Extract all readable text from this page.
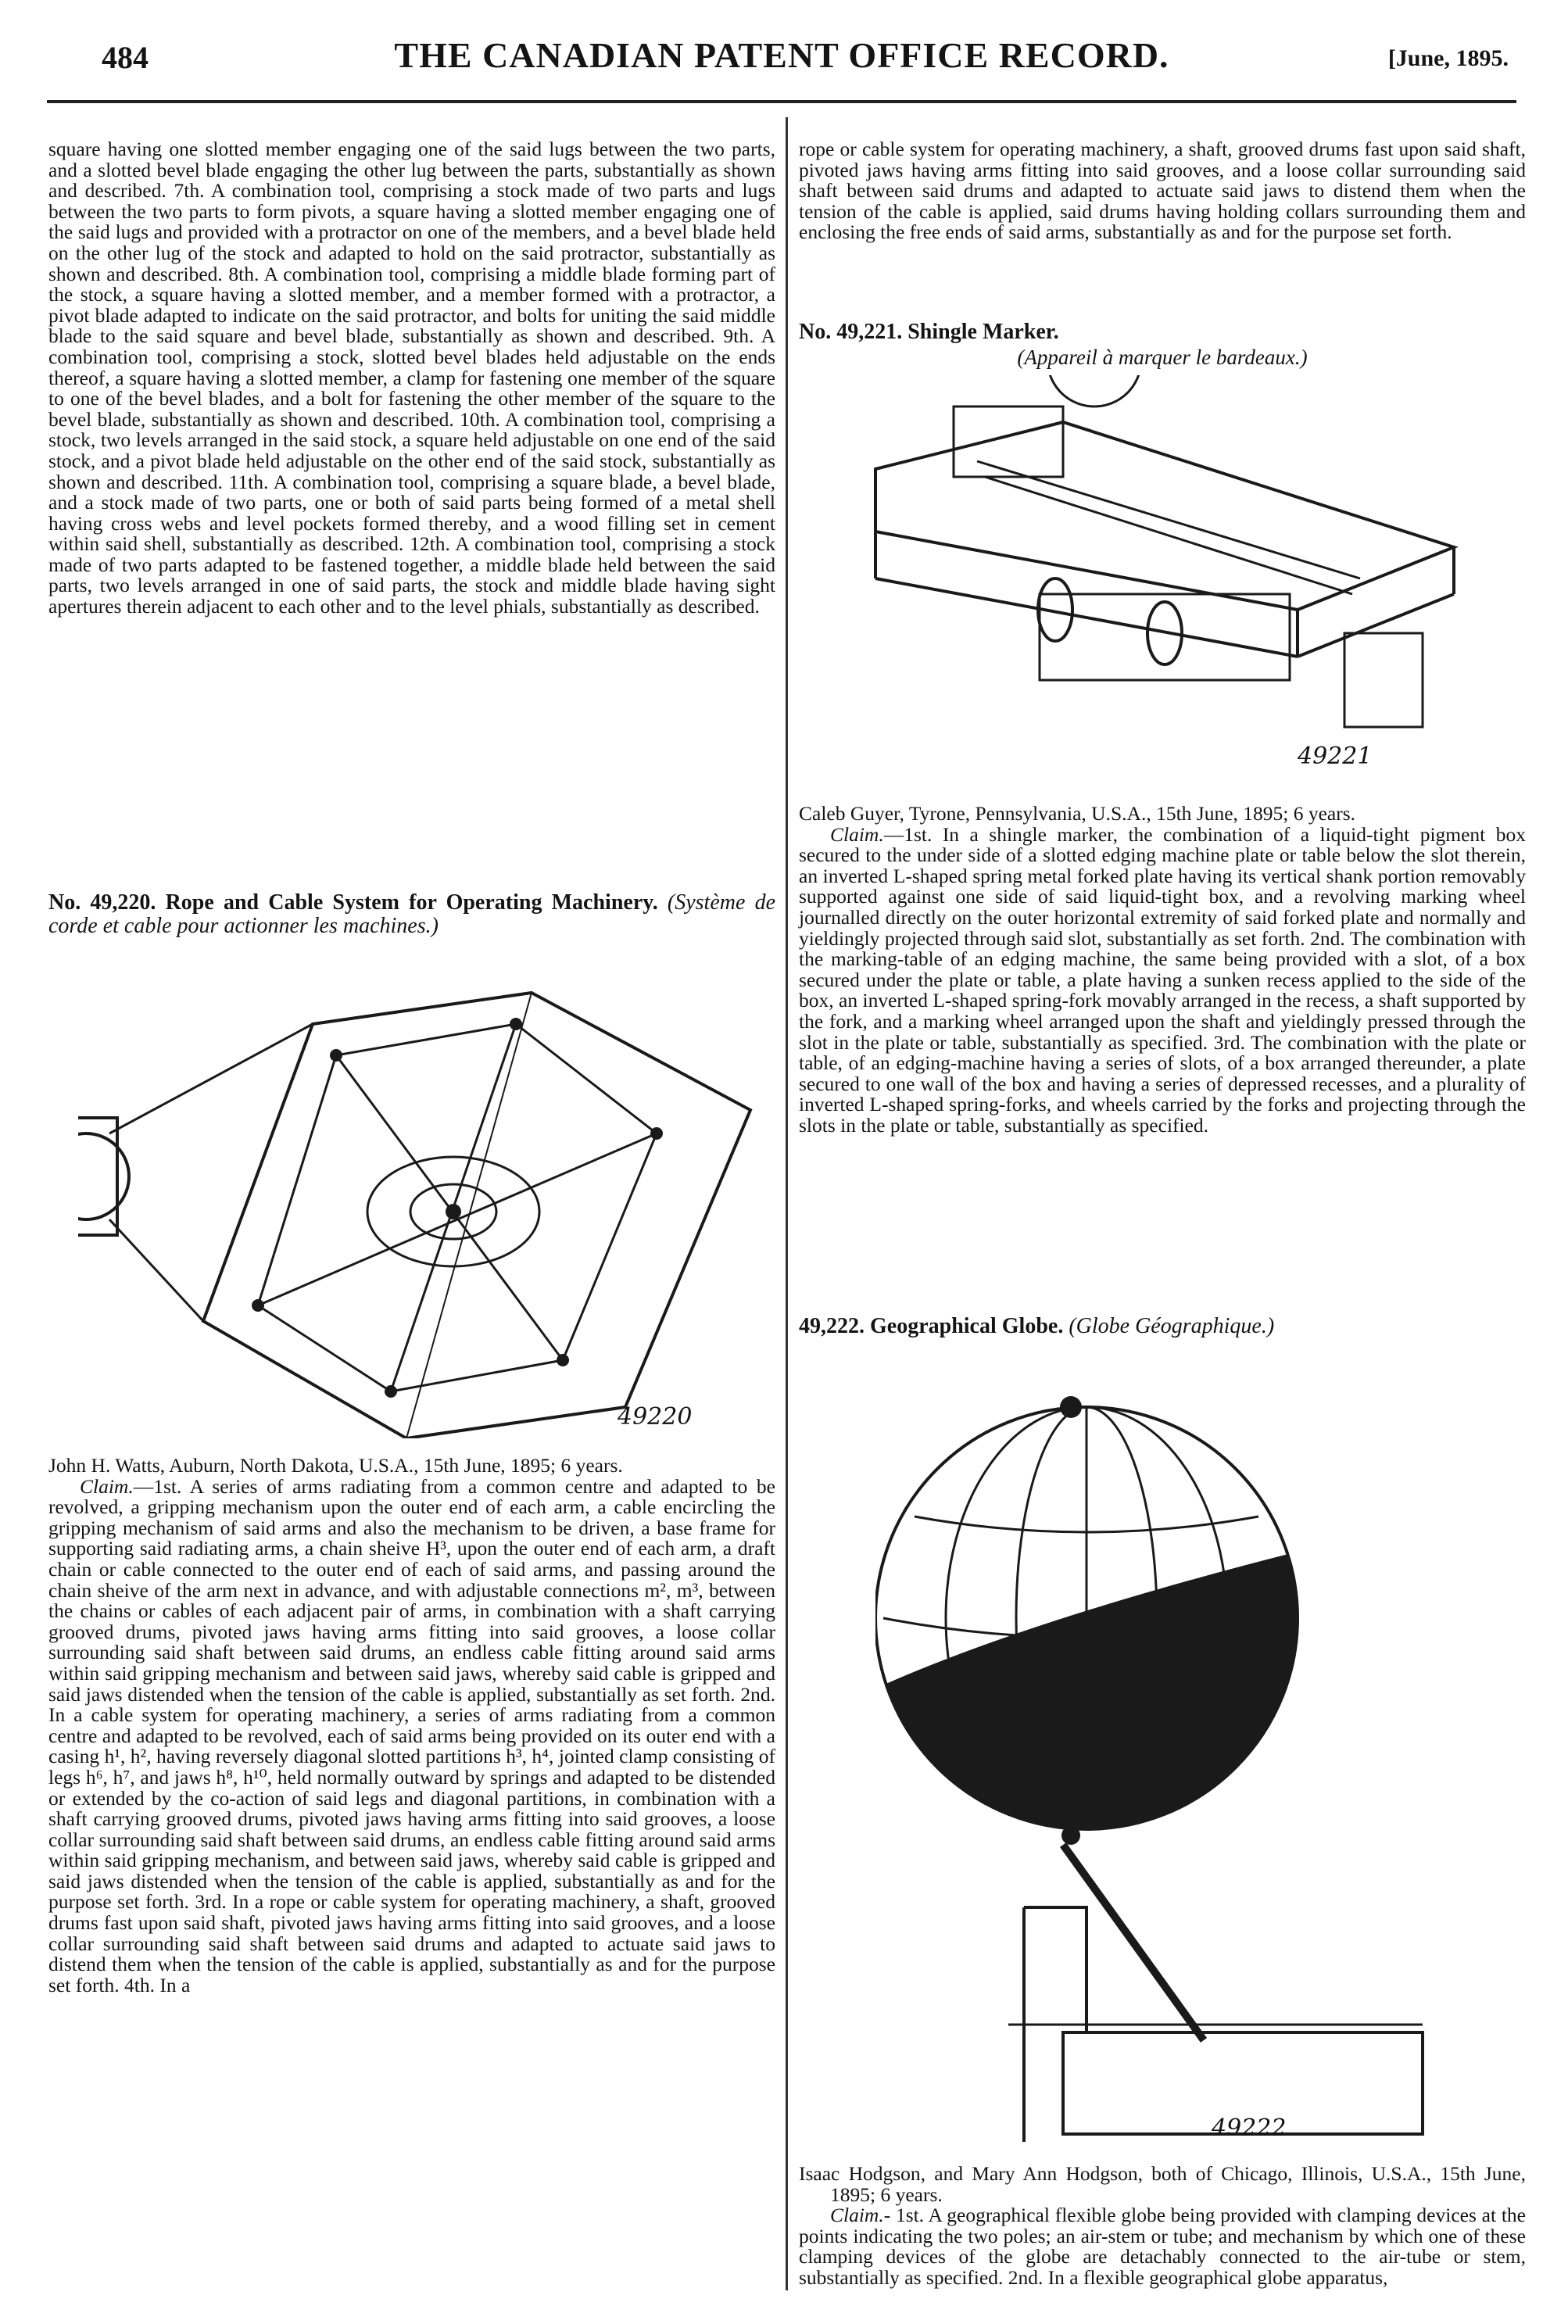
484	THE CANADIAN PATENT OFFICE RECORD.	[June, 1895.

square having one slotted member engaging one of the said lugs between the two parts, and a slotted bevel blade engaging the other lug between the parts, substantially as shown and described. 7th. A combination tool, comprising a stock made of two parts and lugs between the two parts to form pivots, a square having a slotted member engaging one of the said lugs and provided with a protractor on one of the members, and a bevel blade held on the other lug of the stock and adapted to hold on the said protractor, substantially as shown and described. 8th. A combination tool, comprising a middle blade forming part of the stock, a square having a slotted member, and a member formed with a protractor, a pivot blade adapted to indicate on the said protractor, and bolts for uniting the said middle blade to the said square and bevel blade, substantially as shown and described. 9th. A combination tool, comprising a stock, slotted bevel blades held adjustable on the ends thereof, a square having a slotted member, a clamp for fastening one member of the square to one of the bevel blades, and a bolt for fastening the other member of the square to the bevel blade, substantially as shown and described. 10th. A combination tool, comprising a stock, two levels arranged in the said stock, a square held adjustable on one end of the said stock, and a pivot blade held adjustable on the other end of the said stock, substantially as shown and described. 11th. A combination tool, comprising a square blade, a bevel blade, and a stock made of two parts, one or both of said parts being formed of a metal shell having cross webs and level pockets formed thereby, and a wood filling set in cement within said shell, substantially as described. 12th. A combination tool, comprising a stock made of two parts adapted to be fastened together, a middle blade held between the said parts, two levels arranged in one of said parts, the stock and middle blade having sight apertures therein adjacent to each other and to the level phials, substantially as described.

No. 49,220. Rope and Cable System for Operating Machinery. (Système de corde et cable pour actionner les machines.)

49220

John H. Watts, Auburn, North Dakota, U.S.A., 15th June, 1895; 6 years.

Claim.—1st. A series of arms radiating from a common centre and adapted to be revolved, a gripping mechanism upon the outer end of each arm, a cable encircling the gripping mechanism of said arms and also the mechanism to be driven, a base frame for supporting said radiating arms, a chain sheive H³, upon the outer end of each arm, a draft chain or cable connected to the outer end of each of said arms, and passing around the chain sheive of the arm next in advance, and with adjustable connections m², m³, between the chains or cables of each adjacent pair of arms, in combination with a shaft carrying grooved drums, pivoted jaws having arms fitting into said grooves, a loose collar surrounding said shaft between said drums, an endless cable fitting around said arms within said gripping mechanism and between said jaws, whereby said cable is gripped and said jaws distended when the tension of the cable is applied, substantially as set forth. 2nd. In a cable system for operating machinery, a series of arms radiating from a common centre and adapted to be revolved, each of said arms being provided on its outer end with a casing h¹, h², having reversely diagonal slotted partitions h³, h⁴, jointed clamp consisting of legs h⁶, h⁷, and jaws h⁸, h¹⁰, held normally outward by springs and adapted to be distended or extended by the co-action of said legs and diagonal partitions, in combination with a shaft carrying grooved drums, pivoted jaws having arms fitting into said grooves, a loose collar surrounding said shaft between said drums, an endless cable fitting around said arms within said gripping mechanism, and between said jaws, whereby said cable is gripped and said jaws distended when the tension of the cable is applied, substantially as and for the purpose set forth. 3rd. In a rope or cable system for operating machinery, a shaft, grooved drums fast upon said shaft, pivoted jaws having arms fitting into said grooves, and a loose collar surrounding said shaft between said drums and adapted to actuate said jaws to distend them when the tension of the cable is applied, substantially as and for the purpose set forth. 4th. In a

rope or cable system for operating machinery, a shaft, grooved drums fast upon said shaft, pivoted jaws having arms fitting into said grooves, and a loose collar surrounding said shaft between said drums and adapted to actuate said jaws to distend them when the tension of the cable is applied, said drums having holding collars surrounding them and enclosing the free ends of said arms, substantially as and for the purpose set forth.

No. 49,221. Shingle Marker.

(Appareil à marquer le bardeaux.)

49221

Caleb Guyer, Tyrone, Pennsylvania, U.S.A., 15th June, 1895; 6 years.

Claim.—1st. In a shingle marker, the combination of a liquid-tight pigment box secured to the under side of a slotted edging machine plate or table below the slot therein, an inverted L-shaped spring metal forked plate having its vertical shank portion removably supported against one side of said liquid-tight box, and a revolving marking wheel journalled directly on the outer horizontal extremity of said forked plate and normally and yieldingly projected through said slot, substantially as set forth. 2nd. The combination with the marking-table of an edging machine, the same being provided with a slot, of a box secured under the plate or table, a plate having a sunken recess applied to the side of the box, an inverted L-shaped spring-fork movably arranged in the recess, a shaft supported by the fork, and a marking wheel arranged upon the shaft and yieldingly pressed through the slot in the plate or table, substantially as specified. 3rd. The combination with the plate or table, of an edging-machine having a series of slots, of a box arranged thereunder, a plate secured to one wall of the box and having a series of depressed recesses, and a plurality of inverted L-shaped spring-forks, and wheels carried by the forks and projecting through the slots in the plate or table, substantially as specified.

49,222. Geographical Globe. (Globe Géographique.)

49222

Isaac Hodgson, and Mary Ann Hodgson, both of Chicago, Illinois, U.S.A., 15th June, 1895; 6 years.

Claim.- 1st. A geographical flexible globe being provided with clamping devices at the points indicating the two poles; an air-stem or tube; and mechanism by which one of these clamping devices of the globe are detachably connected to the air-tube or stem, substantially as specified. 2nd. In a flexible geographical globe apparatus,
